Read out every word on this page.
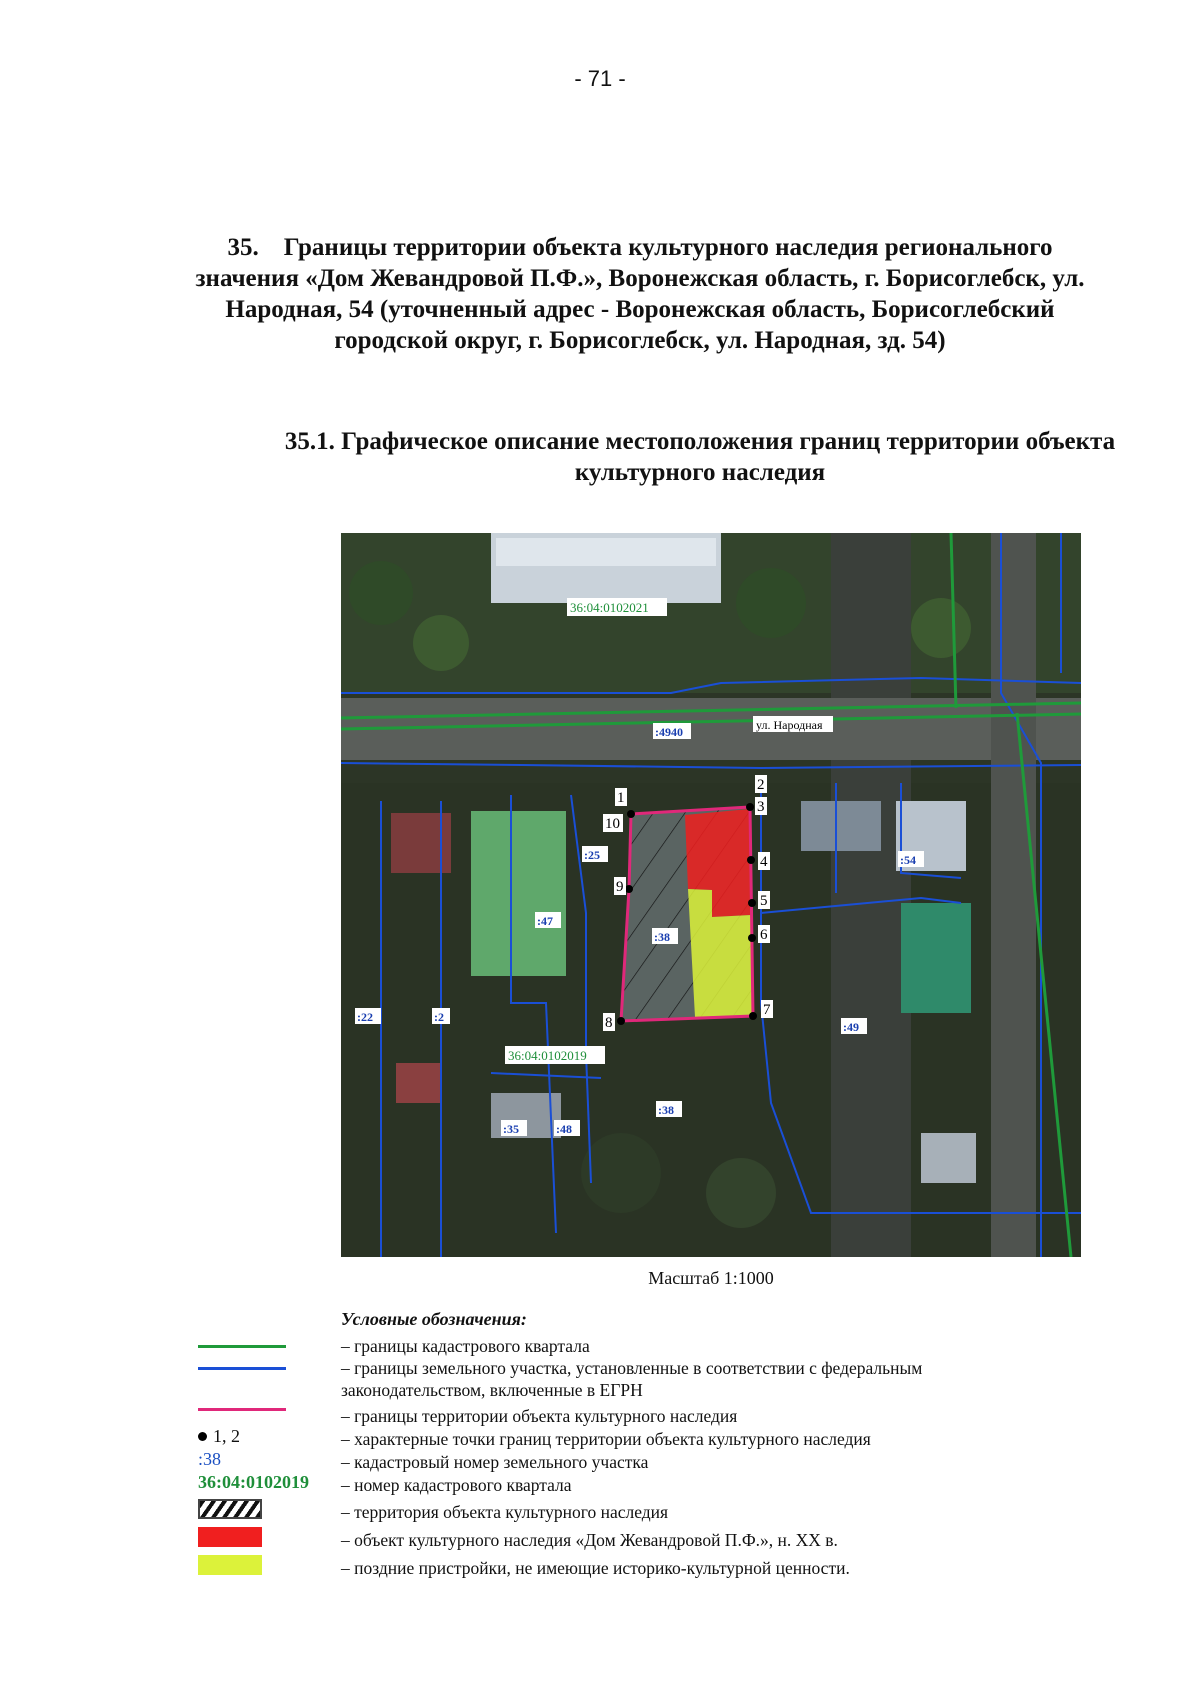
- 71 -
35.    Границы территории объекта культурного наследия регионального значения «Дом Жевандровой П.Ф.», Воронежская область, г. Борисоглебск, ул. Народная, 54 (уточненный адрес - Воронежская область, Борисоглебский городской округ, г. Борисоглебск, ул. Народная, зд. 54)
35.1. Графическое описание местоположения границ территории объекта культурного наследия
1
2
3
4
5
6
7
8
9
10
36:04:0102021
36:04:0102019
ул. Народная
:4940
:25
:47
:38
:54
:49
:22	:2
:38
:35	:48
Масштаб 1:1000
Условные обозначения:
– границы кадастрового квартала
– границы земельного участка, установленные в соответствии с федеральным законодательством, включенные в ЕГРН
– границы территории объекта культурного наследия
1, 2	– характерные точки границ территории объекта культурного наследия
:38	– кадастровый номер земельного участка
36:04:0102019 – номер кадастрового квартала
– территория объекта культурного наследия
– объект культурного наследия «Дом Жевандровой П.Ф.», н. XX в.
– поздние пристройки, не имеющие историко-культурной ценности.
